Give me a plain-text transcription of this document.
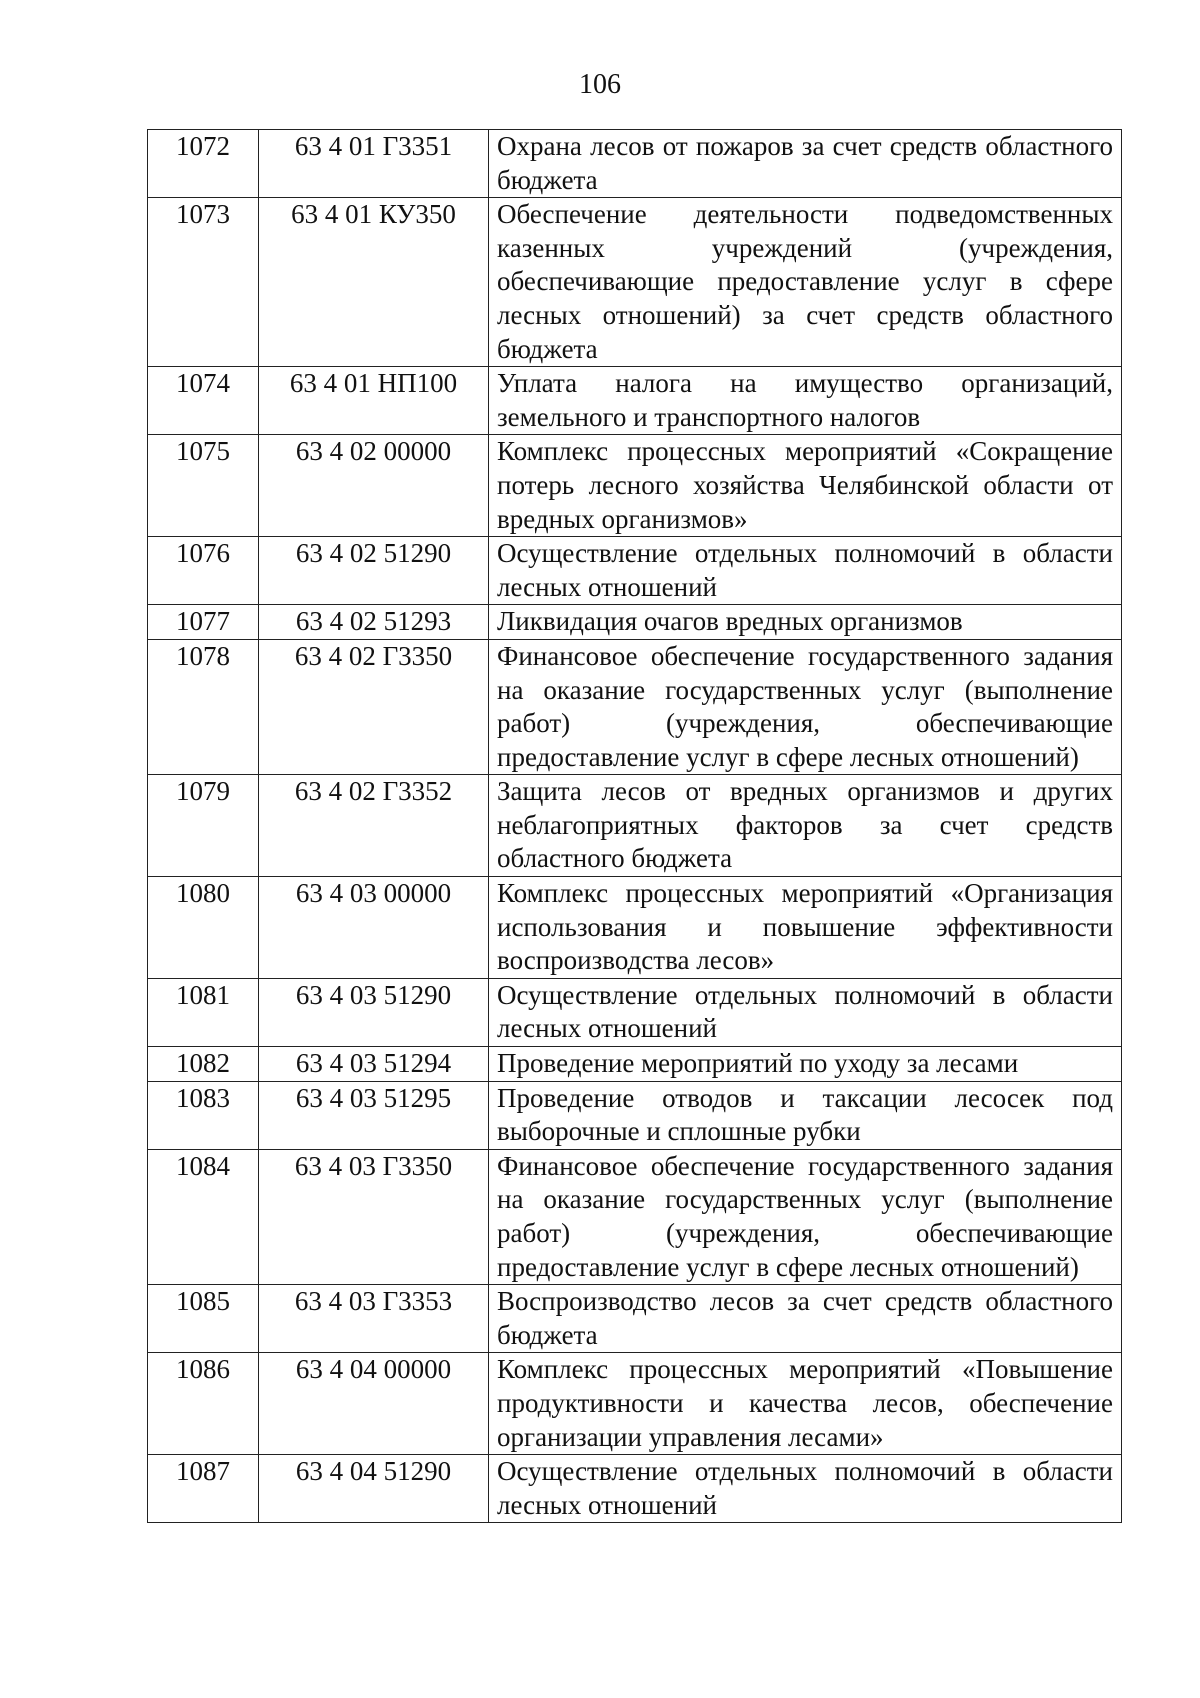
106
1072	63 4 01 Г3351	Охрана лесов от пожаров за счет средств областного бюджета
1073	63 4 01 КУ350	Обеспечение деятельности подведомственных казенных учреждений (учреждения, обеспечивающие предоставление услуг в сфере лесных отношений) за счет средств областного бюджета
1074	63 4 01 НП100	Уплата налога на имущество организаций, земельного и транспортного налогов
1075	63 4 02 00000	Комплекс процессных мероприятий «Сокращение потерь лесного хозяйства Челябинской области от вредных организмов»
1076	63 4 02 51290	Осуществление отдельных полномочий в области лесных отношений
1077	63 4 02 51293	Ликвидация очагов вредных организмов
1078	63 4 02 Г3350	Финансовое обеспечение государственного задания на оказание государственных услуг (выполнение работ) (учреждения, обеспечивающие предоставление услуг в сфере лесных отношений)
1079	63 4 02 Г3352	Защита лесов от вредных организмов и других неблагоприятных факторов за счет средств областного бюджета
1080	63 4 03 00000	Комплекс процессных мероприятий «Организация использования и повышение эффективности воспроизводства лесов»
1081	63 4 03 51290	Осуществление отдельных полномочий в области лесных отношений
1082	63 4 03 51294	Проведение мероприятий по уходу за лесами
1083	63 4 03 51295	Проведение отводов и таксации лесосек под выборочные и сплошные рубки
1084	63 4 03 Г3350	Финансовое обеспечение государственного задания на оказание государственных услуг (выполнение работ) (учреждения, обеспечивающие предоставление услуг в сфере лесных отношений)
1085	63 4 03 Г3353	Воспроизводство лесов за счет средств областного бюджета
1086	63 4 04 00000	Комплекс процессных мероприятий «Повышение продуктивности и качества лесов, обеспечение организации управления лесами»
1087	63 4 04 51290	Осуществление отдельных полномочий в области лесных отношений
